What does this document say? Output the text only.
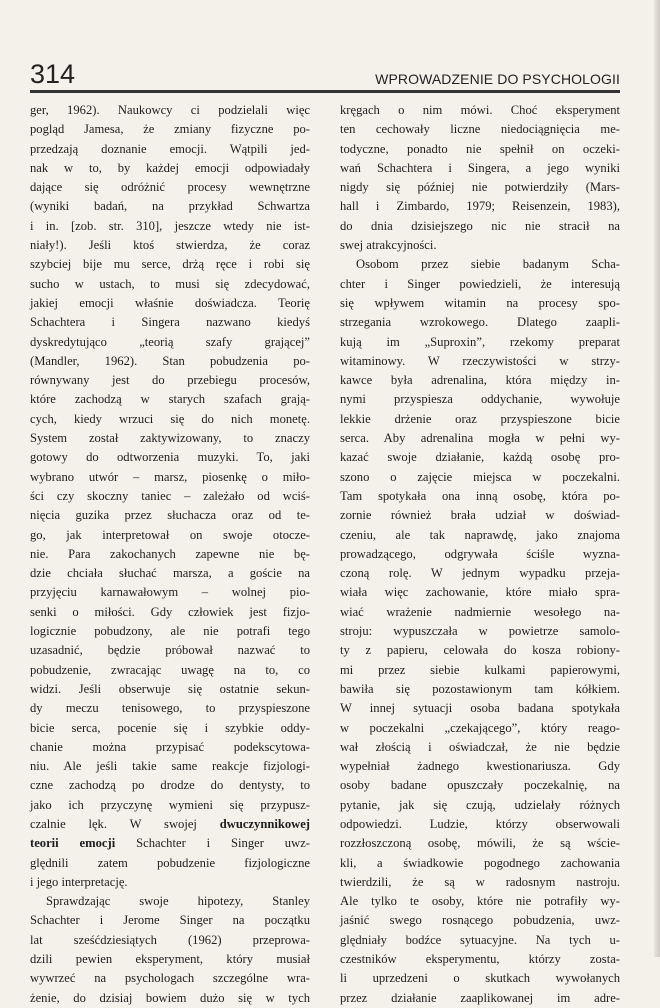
314	WPROWADZENIE DO PSYCHOLOGII
ger, 1962). Naukowcy ci podzielali więc
pogląd Jamesa, że zmiany fizyczne po-
przedzają doznanie emocji. Wątpili jed-
nak w to, by każdej emocji odpowiadały
dające się odróżnić procesy wewnętrzne
(wyniki badań, na przykład Schwartza
i in. [zob. str. 310], jeszcze wtedy nie ist-
niały!). Jeśli ktoś stwierdza, że coraz
szybciej bije mu serce, drżą ręce i robi się
sucho w ustach, to musi się zdecydować,
jakiej emocji właśnie doświadcza. Teorię
Schachtera i Singera nazwano kiedyś
dyskredytująco „teorią szafy grającej”
(Mandler, 1962). Stan pobudzenia po-
równywany jest do przebiegu procesów,
które zachodzą w starych szafach grają-
cych, kiedy wrzuci się do nich monetę.
System został zaktywizowany, to znaczy
gotowy do odtworzenia muzyki. To, jaki
wybrano utwór – marsz, piosenkę o miło-
ści czy skoczny taniec – zależało od wciś-
nięcia guzika przez słuchacza oraz od te-
go, jak interpretował on swoje otocze-
nie. Para zakochanych zapewne nie bę-
dzie chciała słuchać marsza, a goście na
przyjęciu karnawałowym – wolnej pio-
senki o miłości. Gdy człowiek jest fizjo-
logicznie pobudzony, ale nie potrafi tego
uzasadnić, będzie próbował nazwać to
pobudzenie, zwracając uwagę na to, co
widzi. Jeśli obserwuje się ostatnie sekun-
dy meczu tenisowego, to przyspieszone
bicie serca, pocenie się i szybkie oddy-
chanie można przypisać podekscytowa-
niu. Ale jeśli takie same reakcje fizjologi-
czne zachodzą po drodze do dentysty, to
jako ich przyczynę wymieni się przypusz-
czalnie lęk. W swojej dwuczynnikowej
teorii emocji Schachter i Singer uwz-
ględnili zatem pobudzenie fizjologiczne
i jego interpretację.
Sprawdzając swoje hipotezy, Stanley
Schachter i Jerome Singer na początku
lat sześćdziesiątych (1962) przeprowa-
dzili pewien eksperyment, który musiał
wywrzeć na psychologach szczególne wra-
żenie, do dzisiaj bowiem dużo się w tych
kręgach o nim mówi. Choć eksperyment
ten cechowały liczne niedociągnięcia me-
todyczne, ponadto nie spełnił on oczeki-
wań Schachtera i Singera, a jego wyniki
nigdy się później nie potwierdziły (Mars-
hall i Zimbardo, 1979; Reisenzein, 1983),
do dnia dzisiejszego nic nie stracił na
swej atrakcyjności.
Osobom przez siebie badanym Scha-
chter i Singer powiedzieli, że interesują
się wpływem witamin na procesy spo-
strzegania wzrokowego. Dlatego zaapli-
kują im „Suproxin”, rzekomy preparat
witaminowy. W rzeczywistości w strzy-
kawce była adrenalina, która między in-
nymi przyspiesza oddychanie, wywołuje
lekkie drżenie oraz przyspieszone bicie
serca. Aby adrenalina mogła w pełni wy-
kazać swoje działanie, każdą osobę pro-
szono o zajęcie miejsca w poczekalni.
Tam spotykała ona inną osobę, która po-
zornie również brała udział w doświad-
czeniu, ale tak naprawdę, jako znajoma
prowadzącego, odgrywała ściśle wyzna-
czoną rolę. W jednym wypadku przeja-
wiała więc zachowanie, które miało spra-
wiać wrażenie nadmiernie wesołego na-
stroju: wypuszczała w powietrze samolo-
ty z papieru, celowała do kosza robiony-
mi przez siebie kulkami papierowymi,
bawiła się pozostawionym tam kółkiem.
W innej sytuacji osoba badana spotykała
w poczekalni „czekającego”, który reago-
wał złością i oświadczał, że nie będzie
wypełniał żadnego kwestionariusza. Gdy
osoby badane opuszczały poczekalnię, na
pytanie, jak się czują, udzielały różnych
odpowiedzi. Ludzie, którzy obserwowali
rozzłoszczoną osobę, mówili, że są wście-
kli, a świadkowie pogodnego zachowania
twierdzili, że są w radosnym nastroju.
Ale tylko te osoby, które nie potrafiły wy-
jaśnić swego rosnącego pobudzenia, uwz-
ględniały bodźce sytuacyjne. Na tych u-
czestników eksperymentu, którzy zosta-
li uprzedzeni o skutkach wywołanych
przez działanie zaaplikowanej im adre-
